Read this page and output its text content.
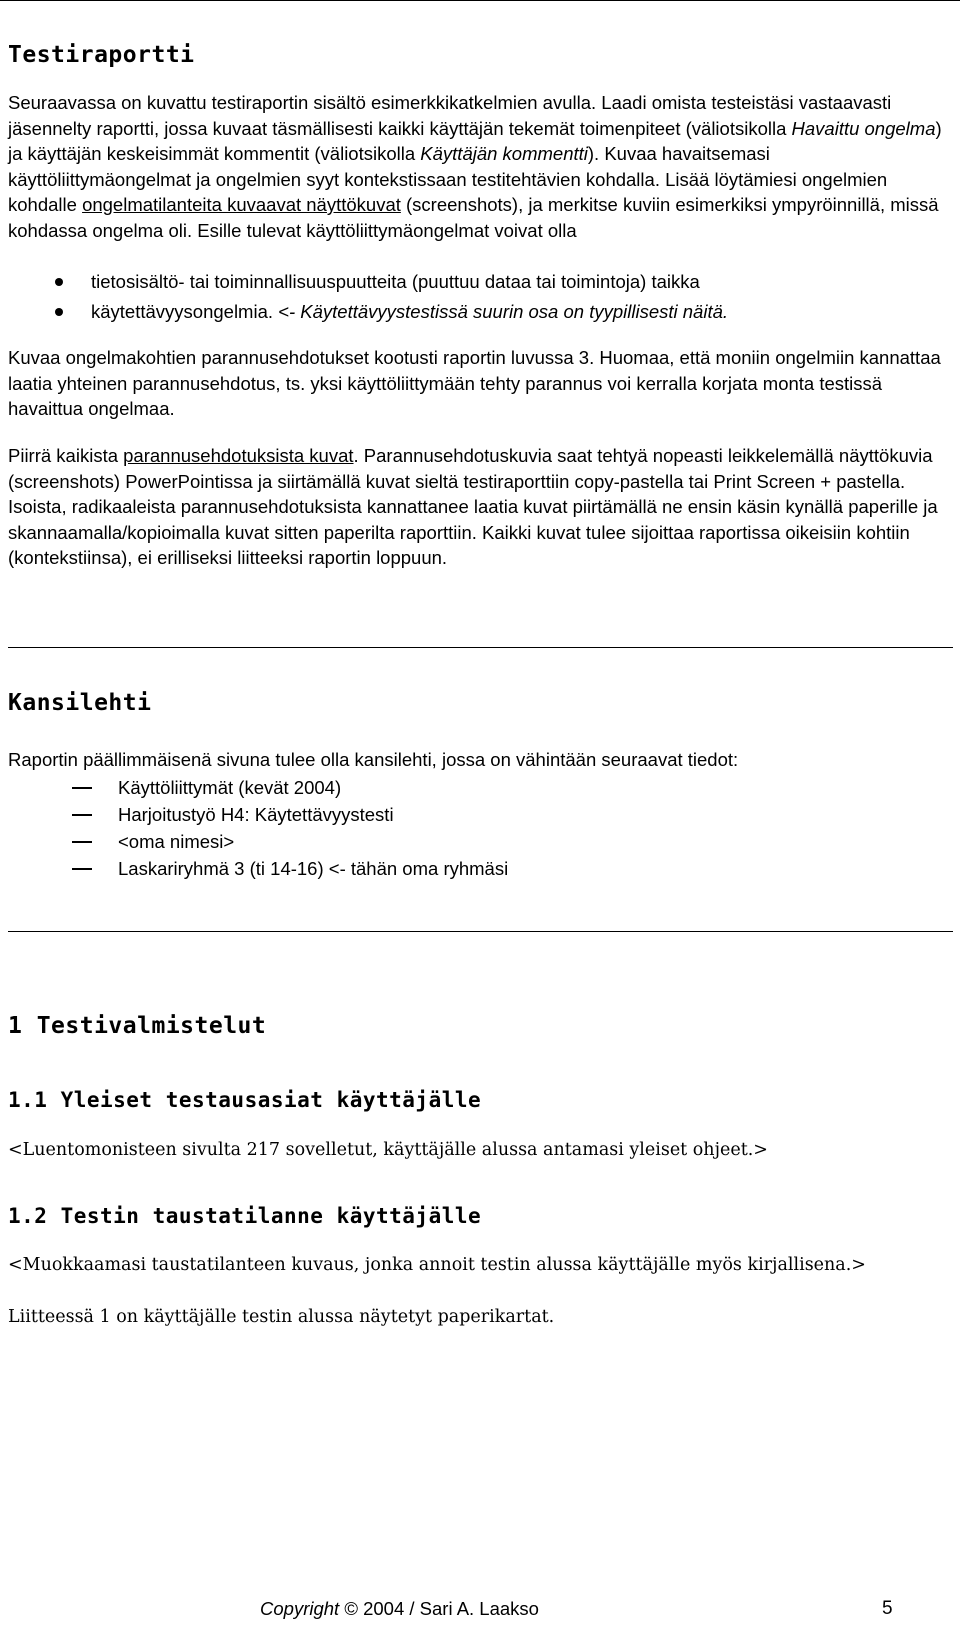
Testiraportti

Seuraavassa on kuvattu testiraportin sisältö esimerkkikatkelmien avulla. Laadi omista testeistäsi vastaavasti jäsennelty raportti, jossa kuvaat täsmällisesti kaikki käyttäjän tekemät toimenpiteet (väliotsikolla Havaittu ongelma) ja käyttäjän keskeisimmät kommentit (väliotsikolla Käyttäjän kommentti). Kuvaa havaitsemasi käyttöliittymäongelmat ja ongelmien syyt kontekstissaan testitehtävien kohdalla. Lisää löytämiesi ongelmien kohdalle ongelmatilanteita kuvaavat näyttökuvat (screenshots), ja merkitse kuviin esimerkiksi ympyröinnillä, missä kohdassa ongelma oli. Esille tulevat käyttöliittymäongelmat voivat olla

tietosisältö- tai toiminnallisuuspuutteita (puuttuu dataa tai toimintoja) taikka
käytettävyysongelmia. <- Käytettävyystestissä suurin osa on tyypillisesti näitä.

Kuvaa ongelmakohtien parannusehdotukset kootusti raportin luvussa 3. Huomaa, että moniin ongelmiin kannattaa laatia yhteinen parannusehdotus, ts. yksi käyttöliittymään tehty parannus voi kerralla korjata monta testissä havaittua ongelmaa.

Piirrä kaikista parannusehdotuksista kuvat. Parannusehdotuskuvia saat tehtyä nopeasti leikkelemällä näyttökuvia (screenshots) PowerPointissa ja siirtämällä kuvat sieltä testiraporttiin copy-pastella tai Print Screen + pastella. Isoista, radikaaleista parannusehdotuksista kannattanee laatia kuvat piirtämällä ne ensin käsin kynällä paperille ja skannaamalla/kopioimalla kuvat sitten paperilta raporttiin. Kaikki kuvat tulee sijoittaa raportissa oikeisiin kohtiin (kontekstiinsa), ei erilliseksi liitteeksi raportin loppuun.

Kansilehti

Raportin päällimmäisenä sivuna tulee olla kansilehti, jossa on vähintään seuraavat tiedot:

Käyttöliittymät (kevät 2004)
Harjoitustyö H4: Käytettävyystesti
<oma nimesi>
Laskariryhmä 3 (ti 14-16) <- tähän oma ryhmäsi
1 Testivalmistelut
1.1 Yleiset testausasiat käyttäjälle

<Luentomonisteen sivulta 217 sovelletut, käyttäjälle alussa antamasi yleiset ohjeet.>

1.2 Testin taustatilanne käyttäjälle

<Muokkaamasi taustatilanteen kuvaus, jonka annoit testin alussa käyttäjälle myös kirjallisena.>

Liitteessä 1 on käyttäjälle testin alussa näytetyt paperikartat.

Copyright © 2004 / Sari A. Laakso	5
